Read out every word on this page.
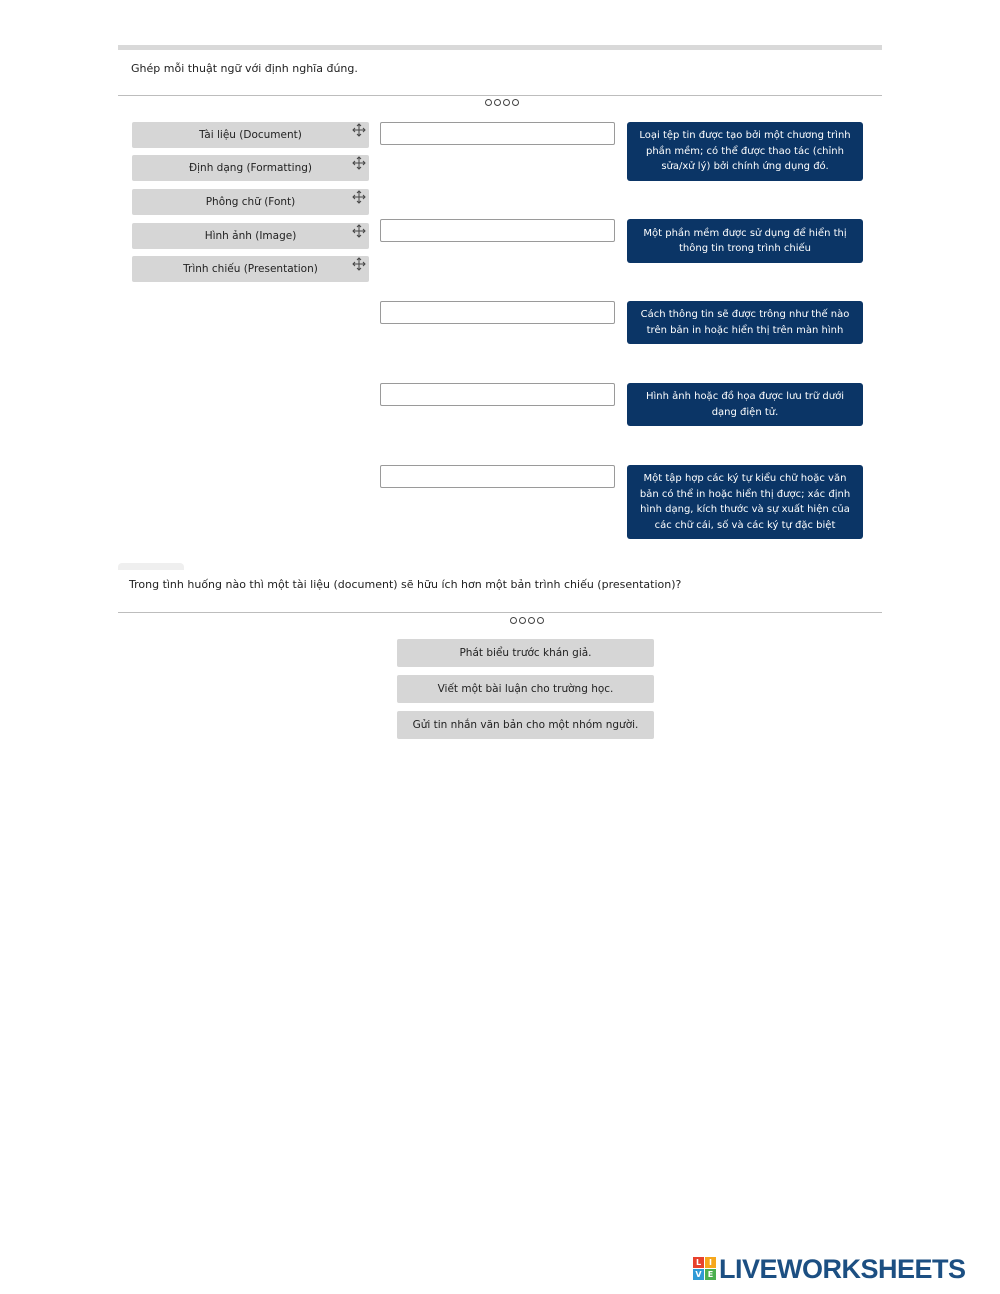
Ghép mỗi thuật ngữ với định nghĩa đúng.
Tài liệu (Document)
Định dạng (Formatting)
Phông chữ (Font)
Hình ảnh (Image)
Trình chiếu (Presentation)
Loại tệp tin được tạo bởi một chương trình phần mềm; có thể được thao tác (chỉnh sửa/xử lý) bởi chính ứng dụng đó.
Một phần mềm được sử dụng để hiển thị thông tin trong trình chiếu
Cách thông tin sẽ được trông như thế nào trên bản in hoặc hiển thị trên màn hình
Hình ảnh hoặc đồ họa được lưu trữ dưới dạng điện tử.
Một tập hợp các ký tự kiểu chữ hoặc văn bản có thể in hoặc hiển thị được; xác định hình dạng, kích thước và sự xuất hiện của các chữ cái, số và các ký tự đặc biệt
Trong tình huống nào thì một tài liệu (document) sẽ hữu ích hơn một bản trình chiếu (presentation)?
Phát biểu trước khán giả.
Viết một bài luận cho trường học.
Gửi tin nhắn văn bản cho một nhóm người.
L I
V E LIVEWORKSHEETS
